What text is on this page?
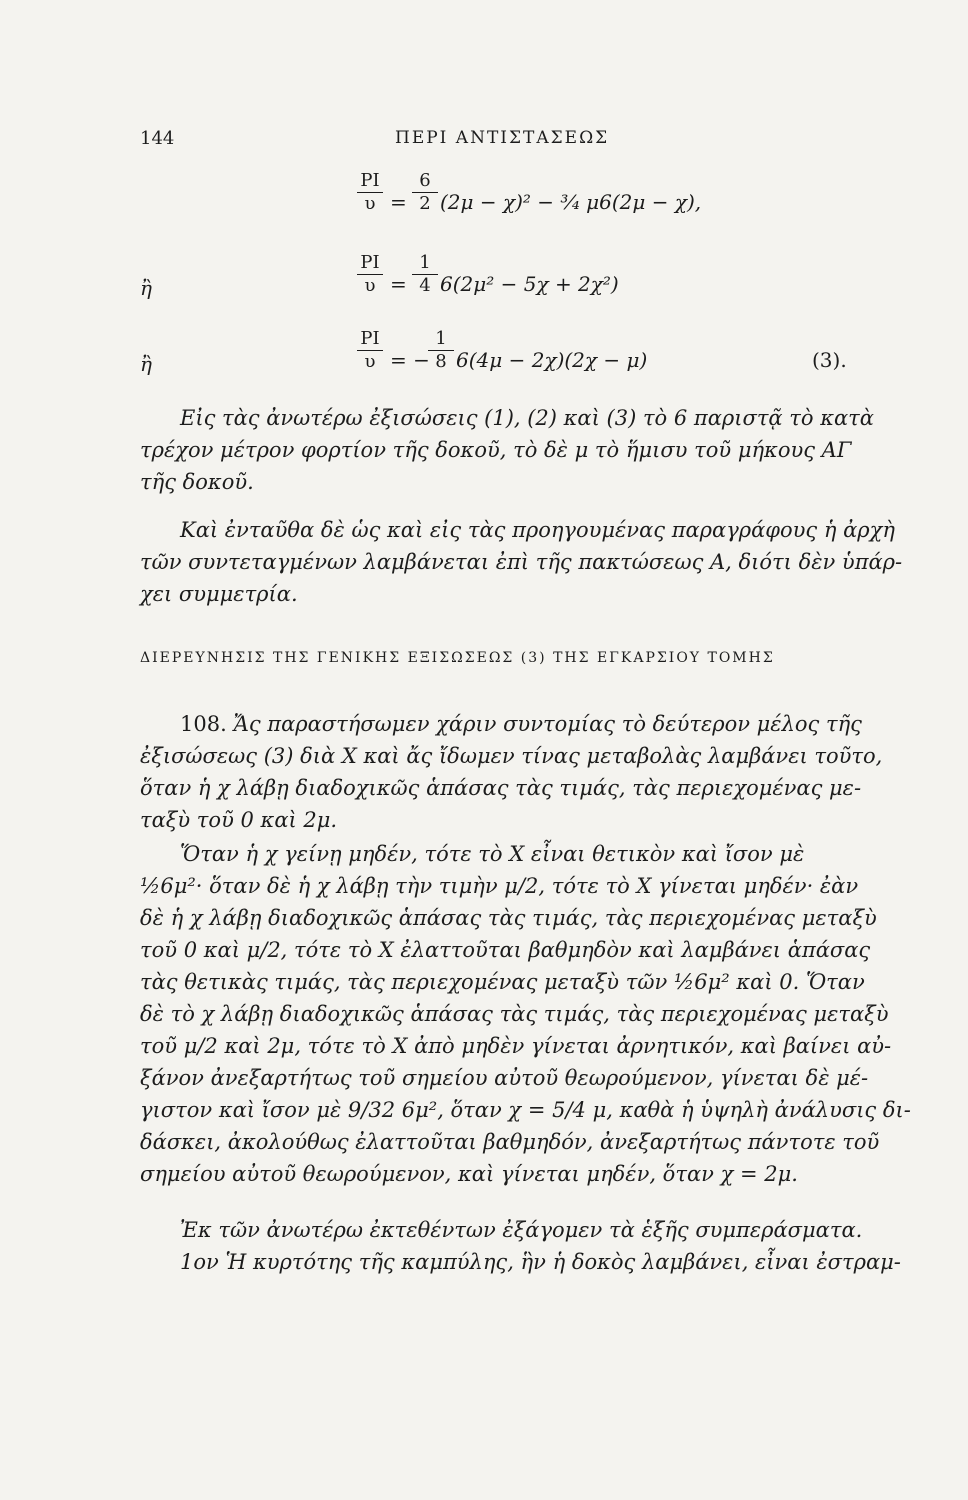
144	ΠΕΡΙ ΑΝΤΙΣΤΑΣΕΩΣ
$\frac{PI}{\upsilon} = \frac{6}{2} (2\mu - \chi)^2$ − ³⁄₄ μ6(2μ − χ),
ἢ	$\frac{PI}{\upsilon} = \frac{1}{4} 6(2\mu^2 - 5\chi + 2\chi^2)$
ἢ	$\frac{PI}{\upsilon}$ = −
$\frac{1}{8} 6(4\mu - 2\chi)(2\chi - \mu)$	(3).
Εἰς τὰς ἀνωτέρω ἐξισώσεις (1), (2) καὶ (3) τὸ 6 παριστᾷ τὸ κατὰ
τρέχον μέτρον φορτίον τῆς δοκοῦ, τὸ δὲ μ τὸ ἥμισυ τοῦ μήκους ΑΓ
τῆς δοκοῦ.
Καὶ ἐνταῦθα δὲ ὡς καὶ εἰς τὰς προηγουμένας παραγράφους ἡ ἀρχὴ
τῶν συντεταγμένων λαμβάνεται ἐπὶ τῆς πακτώσεως Α, διότι δὲν ὑπάρ-
χει συμμετρία.
ΔΙΕΡΕΥΝΗΣΙΣ ΤΗΣ ΓΕΝΙΚΗΣ ΕΞΙΣΩΣΕΩΣ (3) ΤΗΣ ΕΓΚΑΡΣΙΟΥ ΤΟΜΗΣ
108. Ἄς παραστήσωμεν χάριν συντομίας τὸ δεύτερον μέλος τῆς
ἐξισώσεως (3) διὰ X καὶ ἄς ἴδωμεν τίνας μεταβολὰς λαμβάνει τοῦτο,
ὅταν ἡ χ λάβῃ διαδοχικῶς ἁπάσας τὰς τιμάς, τὰς περιεχομένας με-
ταξὺ τοῦ 0 καὶ 2μ.
Ὅταν ἡ χ γείνῃ μηδέν, τότε τὸ X εἶναι θετικὸν καὶ ἴσον μὲ
½6μ²· ὅταν δὲ ἡ χ λάβῃ τὴν τιμὴν μ/2, τότε τὸ X γίνεται μηδέν· ἐὰν
δὲ ἡ χ λάβῃ διαδοχικῶς ἁπάσας τὰς τιμάς, τὰς περιεχομένας μεταξὺ
τοῦ 0 καὶ μ/2, τότε τὸ X ἐλαττοῦται βαθμηδὸν καὶ λαμβάνει ἁπάσας
τὰς θετικὰς τιμάς, τὰς περιεχομένας μεταξὺ τῶν ½6μ² καὶ 0. Ὅταν
δὲ τὸ χ λάβῃ διαδοχικῶς ἁπάσας τὰς τιμάς, τὰς περιεχομένας μεταξὺ
τοῦ μ/2 καὶ 2μ, τότε τὸ X ἀπὸ μηδὲν γίνεται ἀρνητικόν, καὶ βαίνει αὐ-
ξάνον ἀνεξαρτήτως τοῦ σημείου αὐτοῦ θεωρούμενον, γίνεται δὲ μέ-
γιστον καὶ ἴσον μὲ 9/32 6μ², ὅταν χ = 5/4 μ, καθὰ ἡ ὑψηλὴ ἀνάλυσις δι-
δάσκει, ἀκολούθως ἐλαττοῦται βαθμηδόν, ἀνεξαρτήτως πάντοτε τοῦ
σημείου αὐτοῦ θεωρούμενον, καὶ γίνεται μηδέν, ὅταν χ = 2μ.
Ἐκ τῶν ἀνωτέρω ἐκτεθέντων ἐξάγομεν τὰ ἑξῆς συμπεράσματα.
1ον Ἡ κυρτότης τῆς καμπύλης, ἣν ἡ δοκὸς λαμβάνει, εἶναι ἐστραμ-
